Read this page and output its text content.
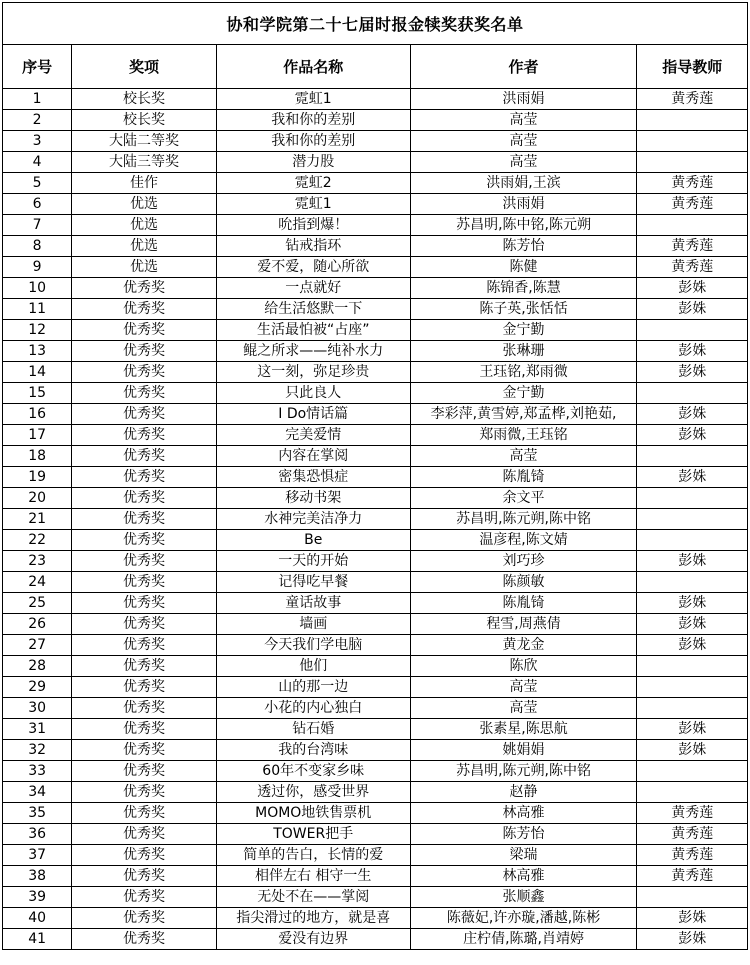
协和学院第二十七届时报金犊奖获奖名单				
序号	奖项	作品名称	作者	指导教师
1	校长奖	霓虹1	洪雨娟	黄秀莲
2	校长奖	我和你的差别	高莹	
3	大陆二等奖	我和你的差别	高莹	
4	大陆三等奖	潜力股	高莹	
5	佳作	霓虹2	洪雨娟,王滨	黄秀莲
6	优选	霓虹1	洪雨娟	黄秀莲
7	优选	吮指到爆！	苏昌明,陈中铭,陈元朔	
8	优选	钻戒指环	陈芳怡	黄秀莲
9	优选	爱不爱，随心所欲	陈健	黄秀莲
10	优秀奖	一点就好	陈锦香,陈慧	彭姝
11	优秀奖	给生活悠默一下	陈子英,张恬恬	彭姝
12	优秀奖	生活最怕被“占座”	金宁勤	
13	优秀奖	鲲之所求——纯补水力	张琳珊	彭姝
14	优秀奖	这一刻，弥足珍贵	王珏铭,郑雨微	彭姝
15	优秀奖	只此良人	金宁勤	
16	优秀奖	I Do情话篇	李彩萍,黄雪婷,郑孟桦,刘艳茹,	彭姝
17	优秀奖	完美爱情	郑雨微,王珏铭	彭姝
18	优秀奖	内容在掌阅	高莹	
19	优秀奖	密集恐惧症	陈胤锜	彭姝
20	优秀奖	移动书架	余文平	
21	优秀奖	水神完美洁净力	苏昌明,陈元朔,陈中铭	
22	优秀奖	Be	温彦程,陈文婧	
23	优秀奖	一天的开始	刘巧珍	彭姝
24	优秀奖	记得吃早餐	陈颜敏	
25	优秀奖	童话故事	陈胤锜	彭姝
26	优秀奖	墙画	程雪,周燕倩	彭姝
27	优秀奖	今天我们学电脑	黄龙金	彭姝
28	优秀奖	他们	陈欣	
29	优秀奖	山的那一边	高莹	
30	优秀奖	小花的内心独白	高莹	
31	优秀奖	钻石婚	张素星,陈思航	彭姝
32	优秀奖	我的台湾味	姚娟娟	彭姝
33	优秀奖	60年不变家乡味	苏昌明,陈元朔,陈中铭	
34	优秀奖	透过你，感受世界	赵静	
35	优秀奖	MOMO地铁售票机	林高雅	黄秀莲
36	优秀奖	TOWER把手	陈芳怡	黄秀莲
37	优秀奖	简单的告白，长情的爱	梁瑞	黄秀莲
38	优秀奖	相伴左右 相守一生	林高雅	黄秀莲
39	优秀奖	无处不在——掌阅	张顺鑫	
40	优秀奖	指尖滑过的地方，就是喜	陈薇妃,许亦璇,潘越,陈彬	彭姝
41	优秀奖	爱没有边界	庄柠倩,陈璐,肖靖婷	彭姝
